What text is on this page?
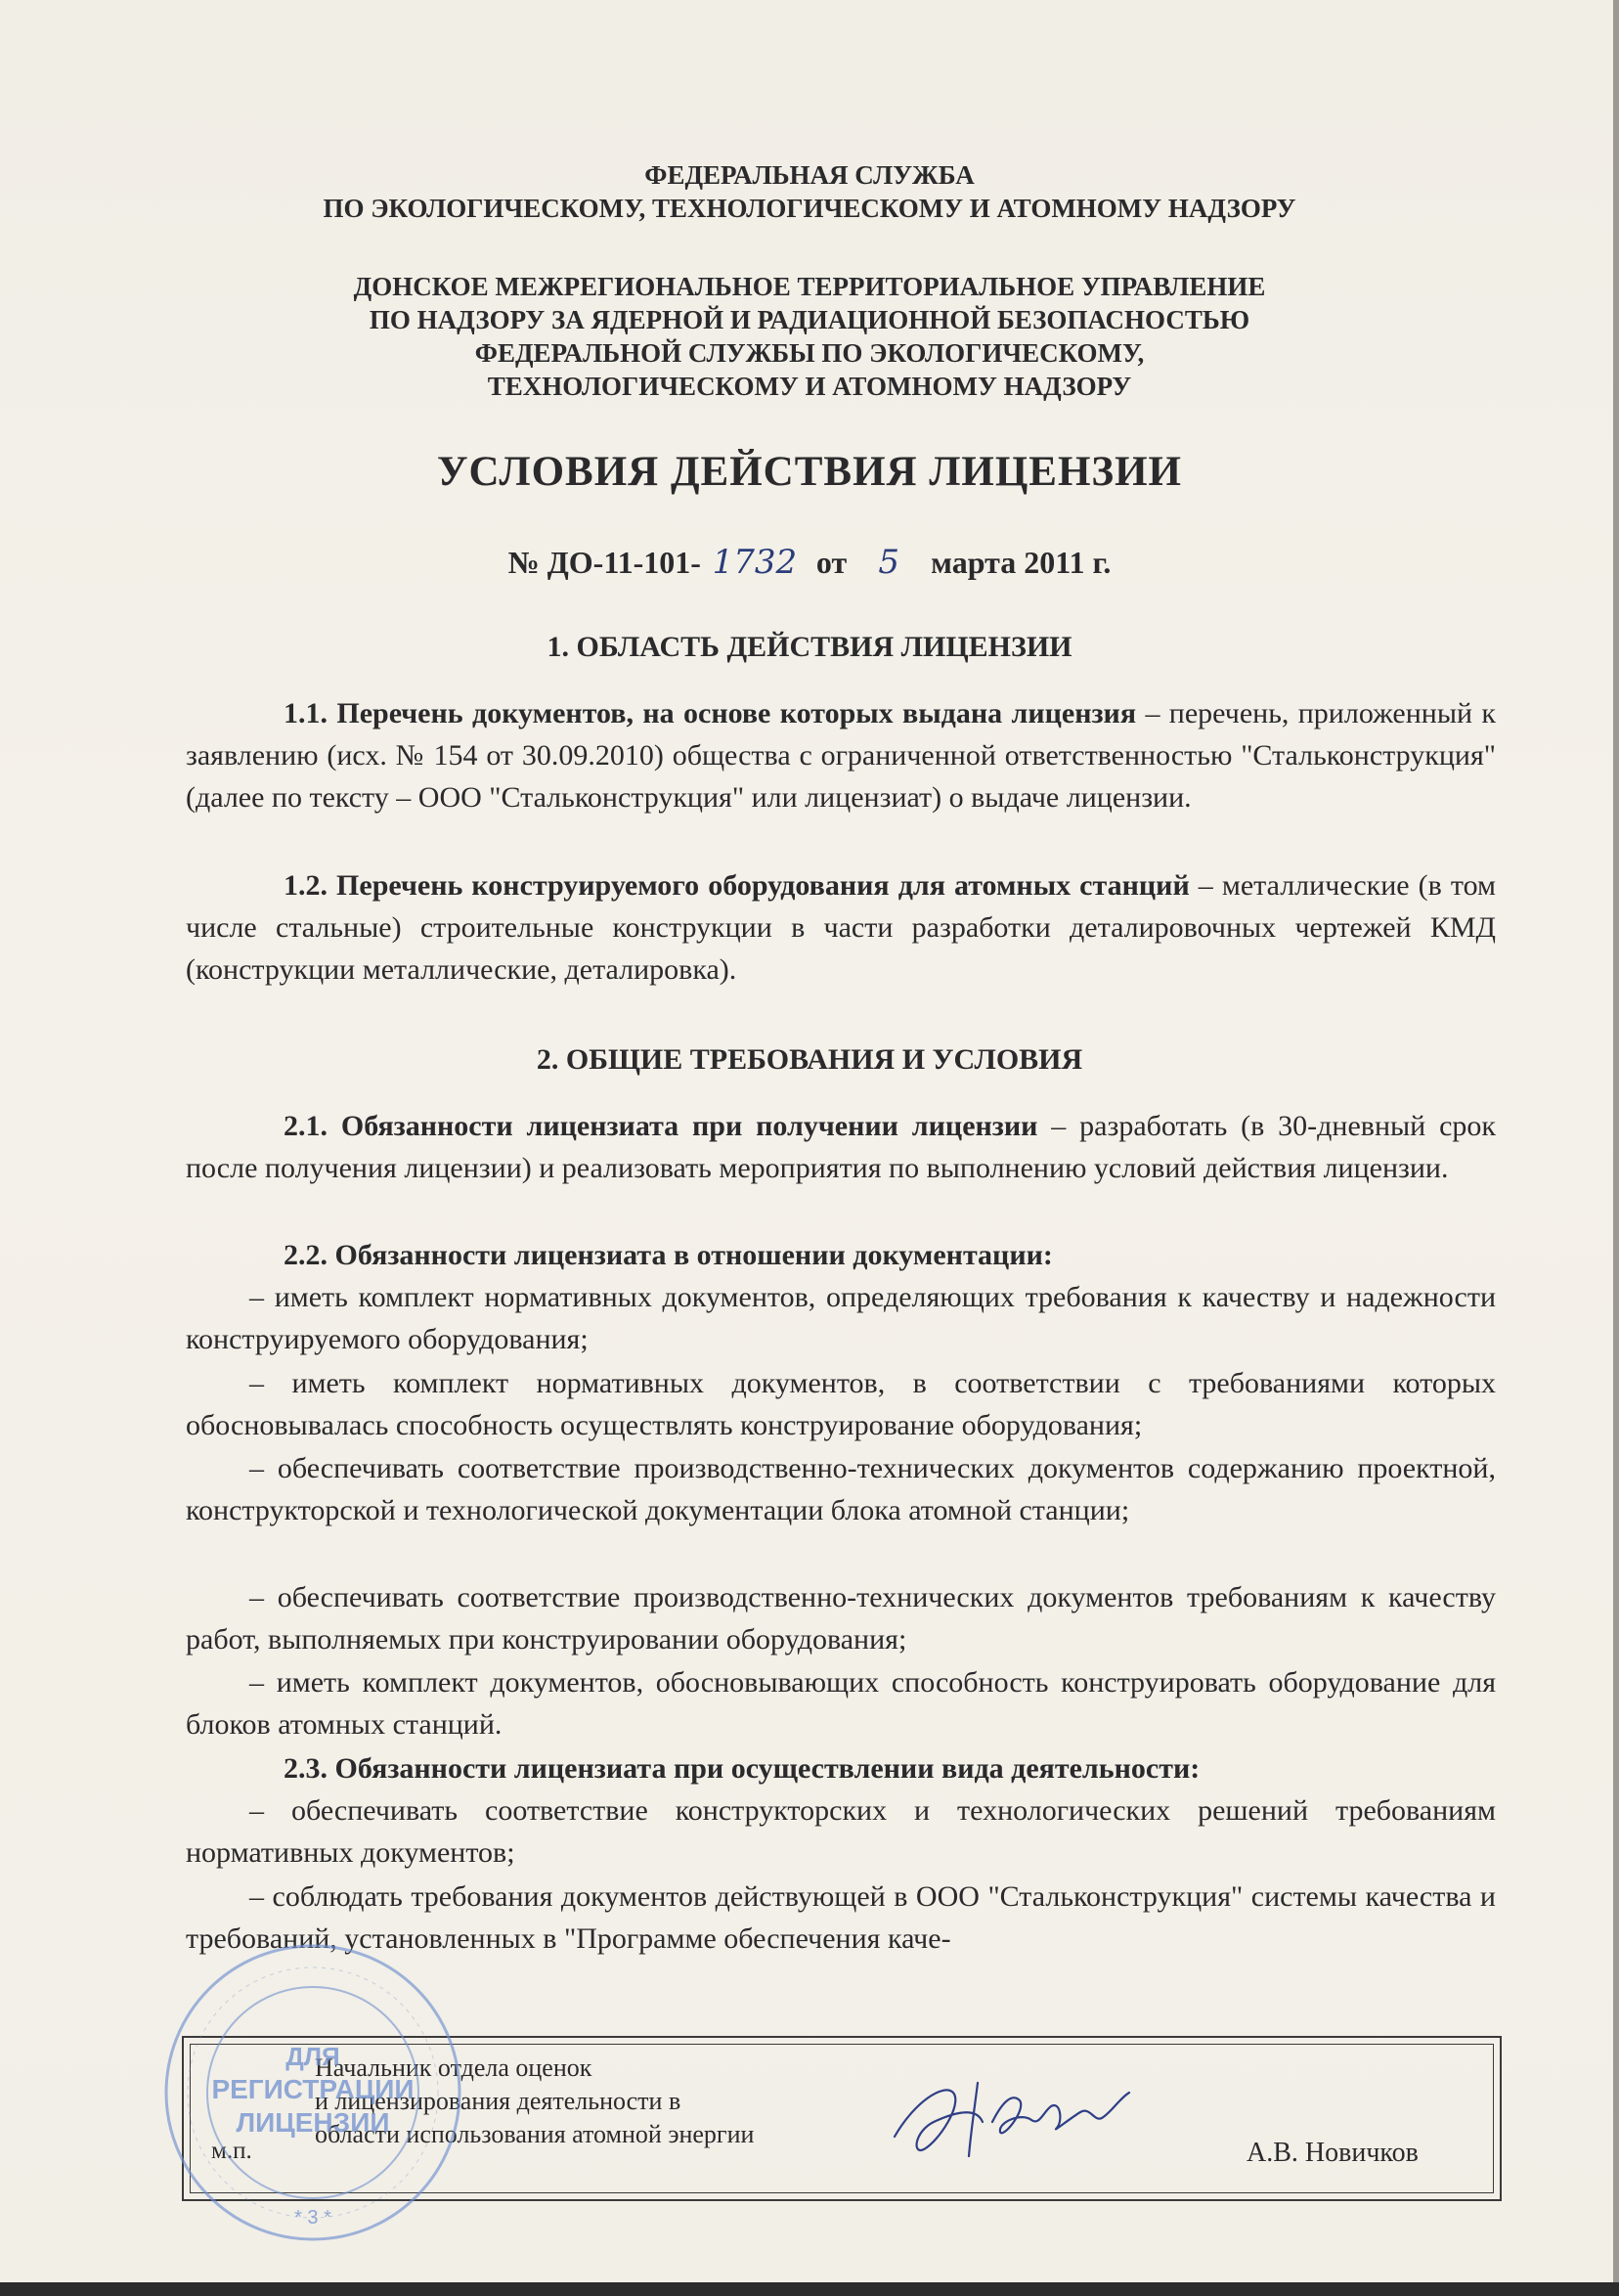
ФЕДЕРАЛЬНАЯ СЛУЖБА
ПО ЭКОЛОГИЧЕСКОМУ, ТЕХНОЛОГИЧЕСКОМУ И АТОМНОМУ НАДЗОРУ
ДОНСКОЕ МЕЖРЕГИОНАЛЬНОЕ ТЕРРИТОРИАЛЬНОЕ УПРАВЛЕНИЕ
ПО НАДЗОРУ ЗА ЯДЕРНОЙ И РАДИАЦИОННОЙ БЕЗОПАСНОСТЬЮ
ФЕДЕРАЛЬНОЙ СЛУЖБЫ ПО ЭКОЛОГИЧЕСКОМУ,
ТЕХНОЛОГИЧЕСКОМУ И АТОМНОМУ НАДЗОРУ
УСЛОВИЯ ДЕЙСТВИЯ ЛИЦЕНЗИИ
№ ДО-11-101- 1732 от 5 марта 2011 г.
1. ОБЛАСТЬ ДЕЙСТВИЯ ЛИЦЕНЗИИ
1.1. Перечень документов, на основе которых выдана лицензия – перечень, приложенный к заявлению (исх. № 154 от 30.09.2010) общества с ограниченной ответственностью "Стальконструкция" (далее по тексту – ООО "Стальконструкция" или лицензиат) о выдаче лицензии.
1.2. Перечень конструируемого оборудования для атомных станций – металлические (в том числе стальные) строительные конструкции в части разработки деталировочных чертежей КМД (конструкции металлические, деталировка).
2. ОБЩИЕ ТРЕБОВАНИЯ И УСЛОВИЯ
2.1. Обязанности лицензиата при получении лицензии – разработать (в 30-дневный срок после получения лицензии) и реализовать мероприятия по выполнению условий действия лицензии.
2.2. Обязанности лицензиата в отношении документации:
– иметь комплект нормативных документов, определяющих требования к качеству и надежности конструируемого оборудования;
– иметь комплект нормативных документов, в соответствии с требованиями которых обосновывалась способность осуществлять конструирование оборудования;
– обеспечивать соответствие производственно-технических документов содержанию проектной, конструкторской и технологической документации блока атомной станции;
– обеспечивать соответствие производственно-технических документов требованиям к качеству работ, выполняемых при конструировании оборудования;
– иметь комплект документов, обосновывающих способность конструировать оборудование для блоков атомных станций.
2.3. Обязанности лицензиата при осуществлении вида деятельности:
– обеспечивать соответствие конструкторских и технологических решений требованиям нормативных документов;
– соблюдать требования документов действующей в ООО "Стальконструкция" системы качества и требований, установленных в "Программе обеспечения каче-
м.п.
Начальник отдела оценок
и лицензирования деятельности в
области использования атомной энергии
А.В. Новичков
ДЛЯ
РЕГИСТРАЦИИ
ЛИЦЕНЗИИ
* 3 *
